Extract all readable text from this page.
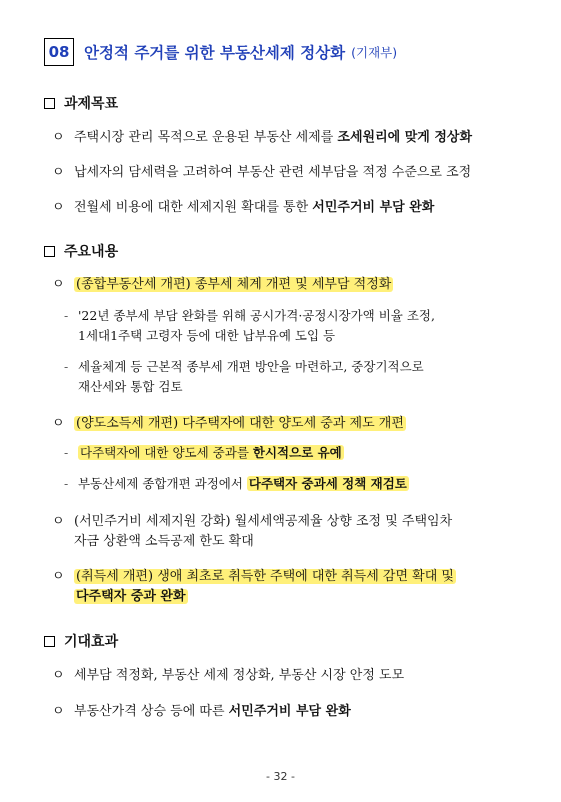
08 안정적 주거를 위한 부동산세제 정상화 (기재부)
과제목표
ㅇ 주택시장 관리 목적으로 운용된 부동산 세제를 조세원리에 맞게 정상화
ㅇ 납세자의 담세력을 고려하여 부동산 관련 세부담을 적정 수준으로 조정
ㅇ 전월세 비용에 대한 세제지원 확대를 통한 서민주거비 부담 완화
주요내용
ㅇ (종합부동산세 개편) 종부세 체계 개편 및 세부담 적정화
- '22년 종부세 부담 완화를 위해 공시가격·공정시장가액 비율 조정,
1세대1주택 고령자 등에 대한 납부유예 도입 등
- 세율체계 등 근본적 종부세 개편 방안을 마련하고, 중장기적으로
재산세와 통합 검토
ㅇ (양도소득세 개편) 다주택자에 대한 양도세 중과 제도 개편
- 다주택자에 대한 양도세 중과를 한시적으로 유예
- 부동산세제 종합개편 과정에서 다주택자 중과세 정책 재검토
ㅇ (서민주거비 세제지원 강화) 월세세액공제율 상향 조정 및 주택임차
자금 상환액 소득공제 한도 확대
ㅇ (취득세 개편) 생애 최초로 취득한 주택에 대한 취득세 감면 확대 및
다주택자 중과 완화
기대효과
ㅇ 세부담 적정화, 부동산 세제 정상화, 부동산 시장 안정 도모
ㅇ 부동산가격 상승 등에 따른 서민주거비 부담 완화
- 32 -
